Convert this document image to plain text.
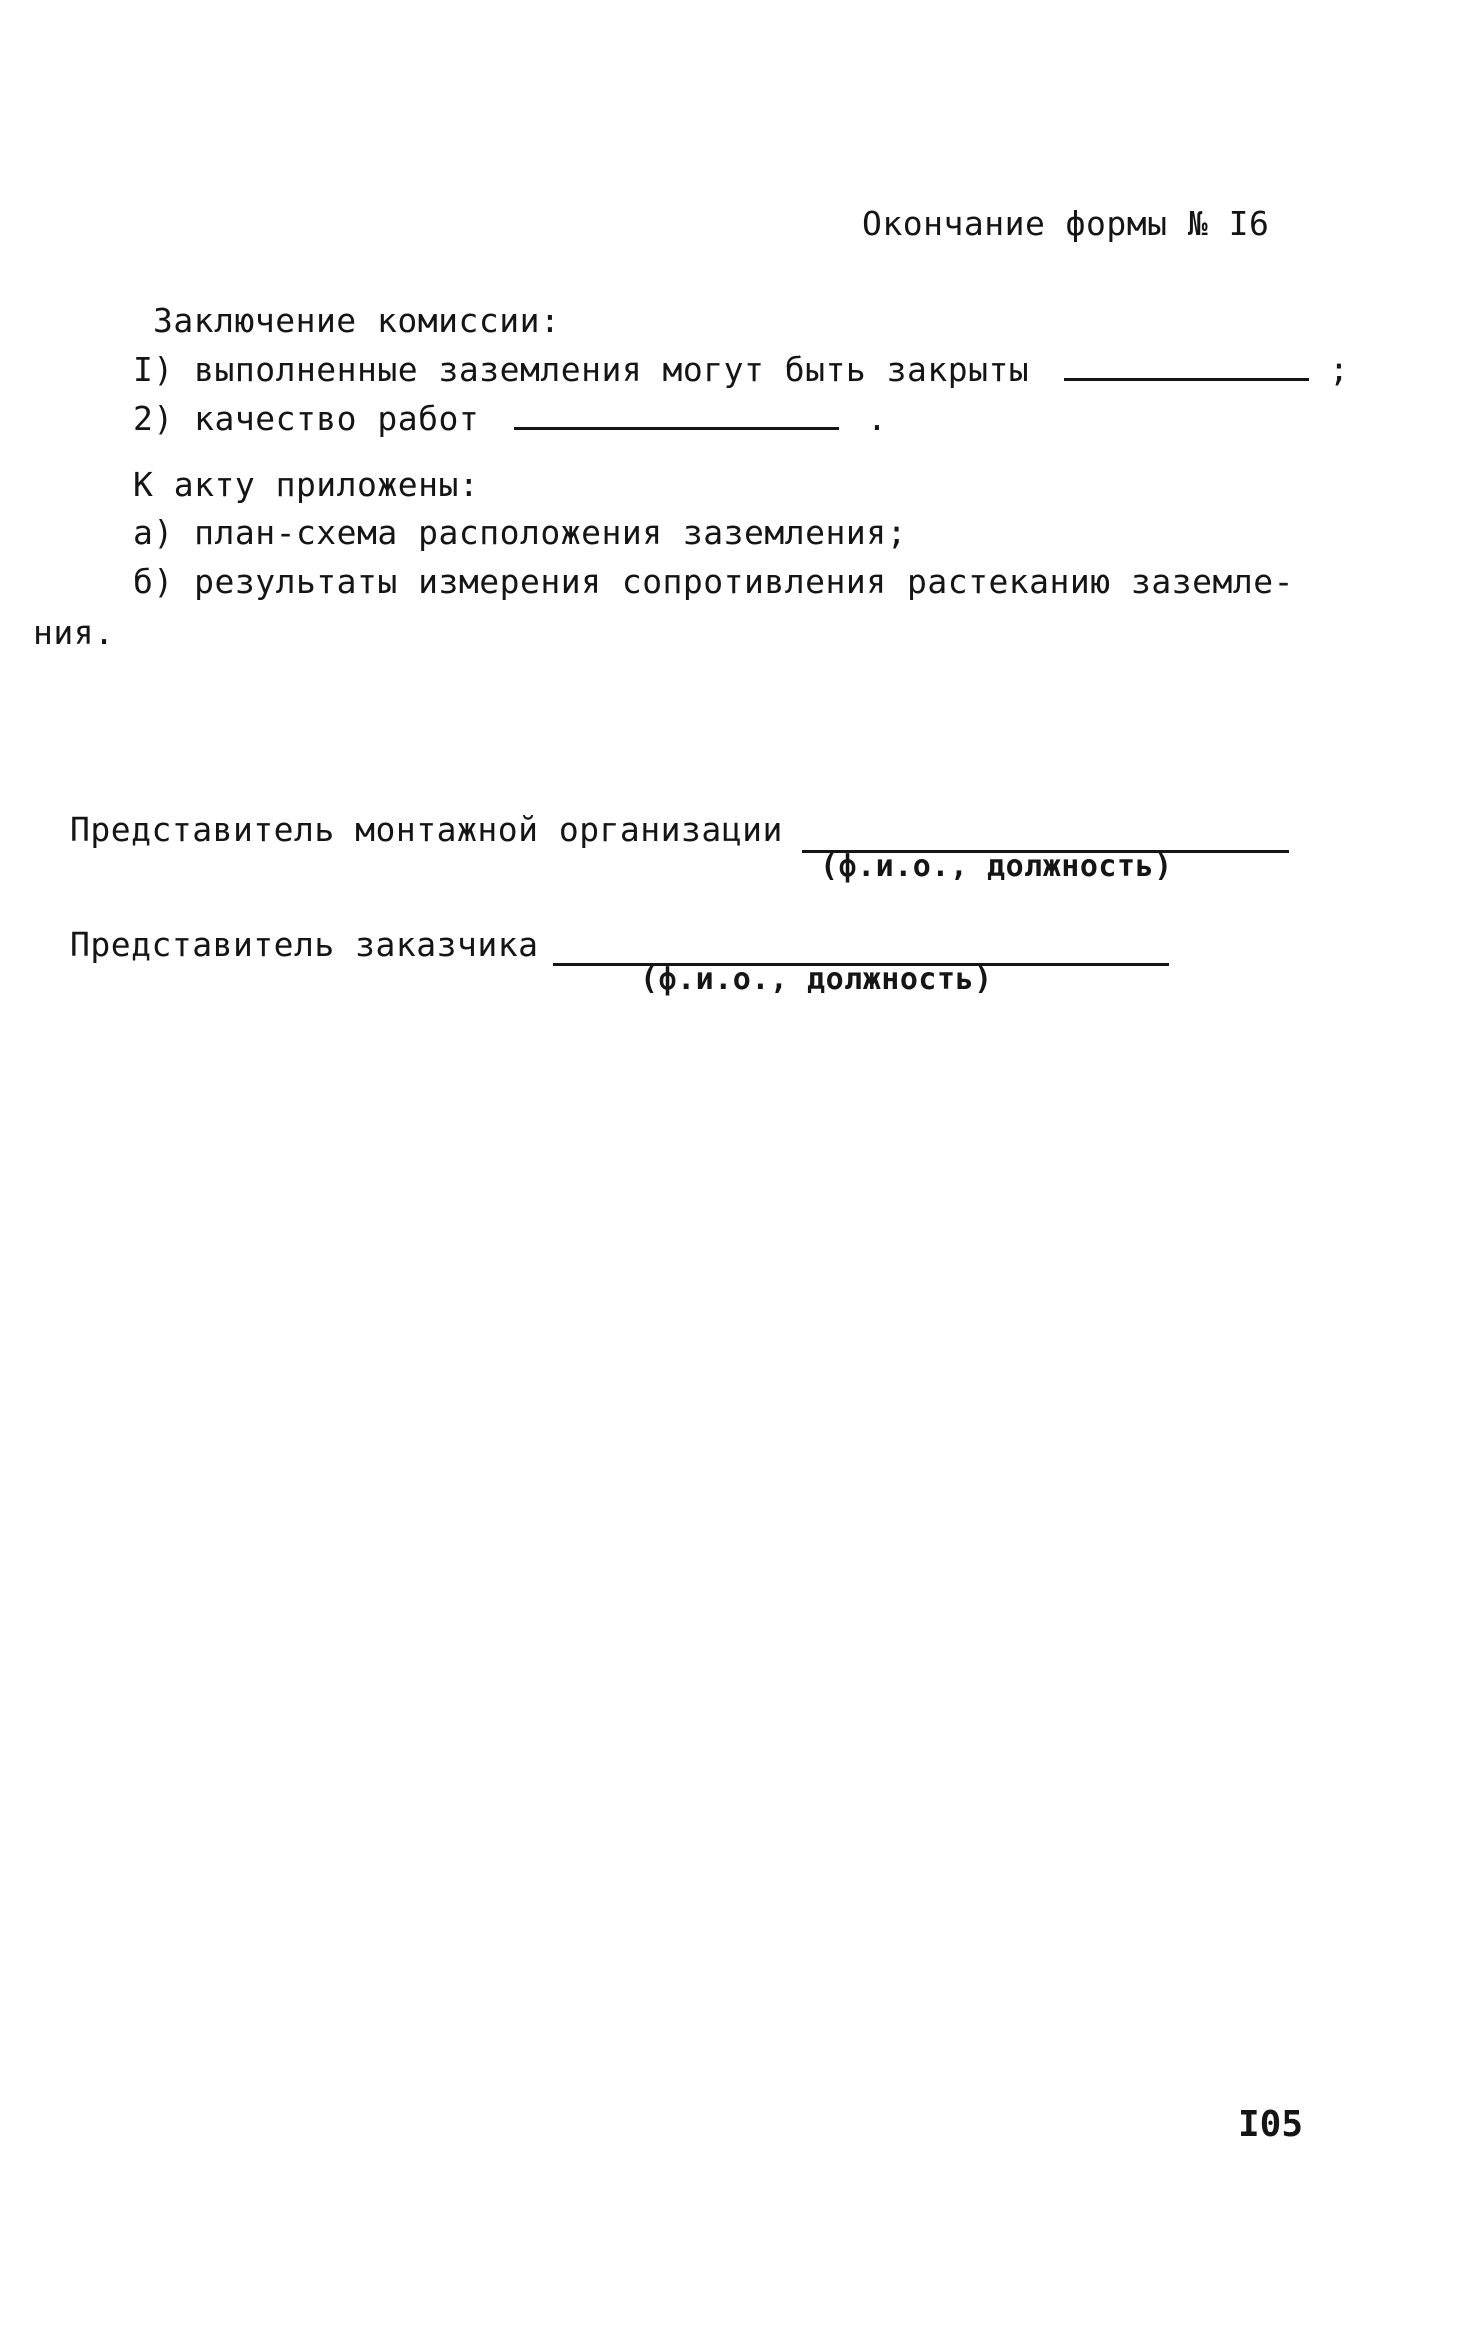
Окончание формы № I6
Заключение комиссии:
I) выполненные заземления могут быть закрыты	;
2) качество работ	.
К акту приложены:
а) план-схема расположения заземления;
б) результаты измерения сопротивления растеканию заземле-
ния.
Представитель монтажной организации
(ф.и.о., должность)
Представитель заказчика
(ф.и.о., должность)
I05
